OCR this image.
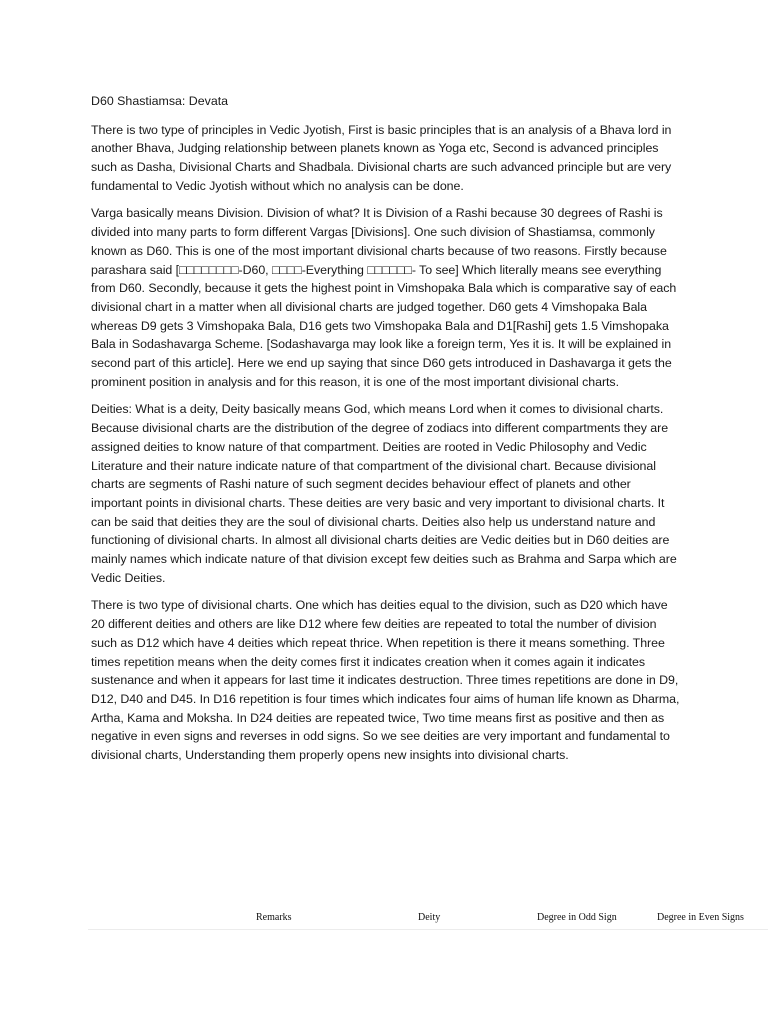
D60 Shastiamsa: Devata

There is two type of principles in Vedic Jyotish, First is basic principles that is an analysis of a Bhava lord in another Bhava, Judging relationship between planets known as Yoga etc, Second is advanced principles such as Dasha, Divisional Charts and Shadbala. Divisional charts are such advanced principle but are very fundamental to Vedic Jyotish without which no analysis can be done.

Varga basically means Division. Division of what? It is Division of a Rashi because 30 degrees of Rashi is divided into many parts to form different Vargas [Divisions]. One such division of Shastiamsa, commonly known as D60. This is one of the most important divisional charts because of two reasons. Firstly because parashara said [□□□□□□□□-D60, □□□□-Everything □□□□□□- To see] Which literally means see everything from D60. Secondly, because it gets the highest point in Vimshopaka Bala which is comparative say of each divisional chart in a matter when all divisional charts are judged together. D60 gets 4 Vimshopaka Bala whereas D9 gets 3 Vimshopaka Bala, D16 gets two Vimshopaka Bala and D1[Rashi] gets 1.5 Vimshopaka Bala in Sodashavarga Scheme. [Sodashavarga may look like a foreign term, Yes it is. It will be explained in second part of this article]. Here we end up saying that since D60 gets introduced in Dashavarga it gets the prominent position in analysis and for this reason, it is one of the most important divisional charts.

Deities: What is a deity, Deity basically means God, which means Lord when it comes to divisional charts. Because divisional charts are the distribution of the degree of zodiacs into different compartments they are assigned deities to know nature of that compartment. Deities are rooted in Vedic Philosophy and Vedic Literature and their nature indicate nature of that compartment of the divisional chart. Because divisional charts are segments of Rashi nature of such segment decides behaviour effect of planets and other important points in divisional charts. These deities are very basic and very important to divisional charts. It can be said that deities they are the soul of divisional charts. Deities also help us understand nature and functioning of divisional charts. In almost all divisional charts deities are Vedic deities but in D60 deities are mainly names which indicate nature of that division except few deities such as Brahma and Sarpa which are Vedic Deities.

There is two type of divisional charts. One which has deities equal to the division, such as D20 which have 20 different deities and others are like D12 where few deities are repeated to total the number of division such as D12 which have 4 deities which repeat thrice. When repetition is there it means something. Three times repetition means when the deity comes first it indicates creation when it comes again it indicates sustenance and when it appears for last time it indicates destruction. Three times repetitions are done in D9, D12, D40 and D45. In D16 repetition is four times which indicates four aims of human life known as Dharma, Artha, Kama and Moksha. In D24 deities are repeated twice, Two time means first as positive and then as negative in even signs and reverses in odd signs. So we see deities are very important and fundamental to divisional charts, Understanding them properly opens new insights into divisional charts.

Remarks	Deity	Degree in Odd Sign	Degree in Even Signs
